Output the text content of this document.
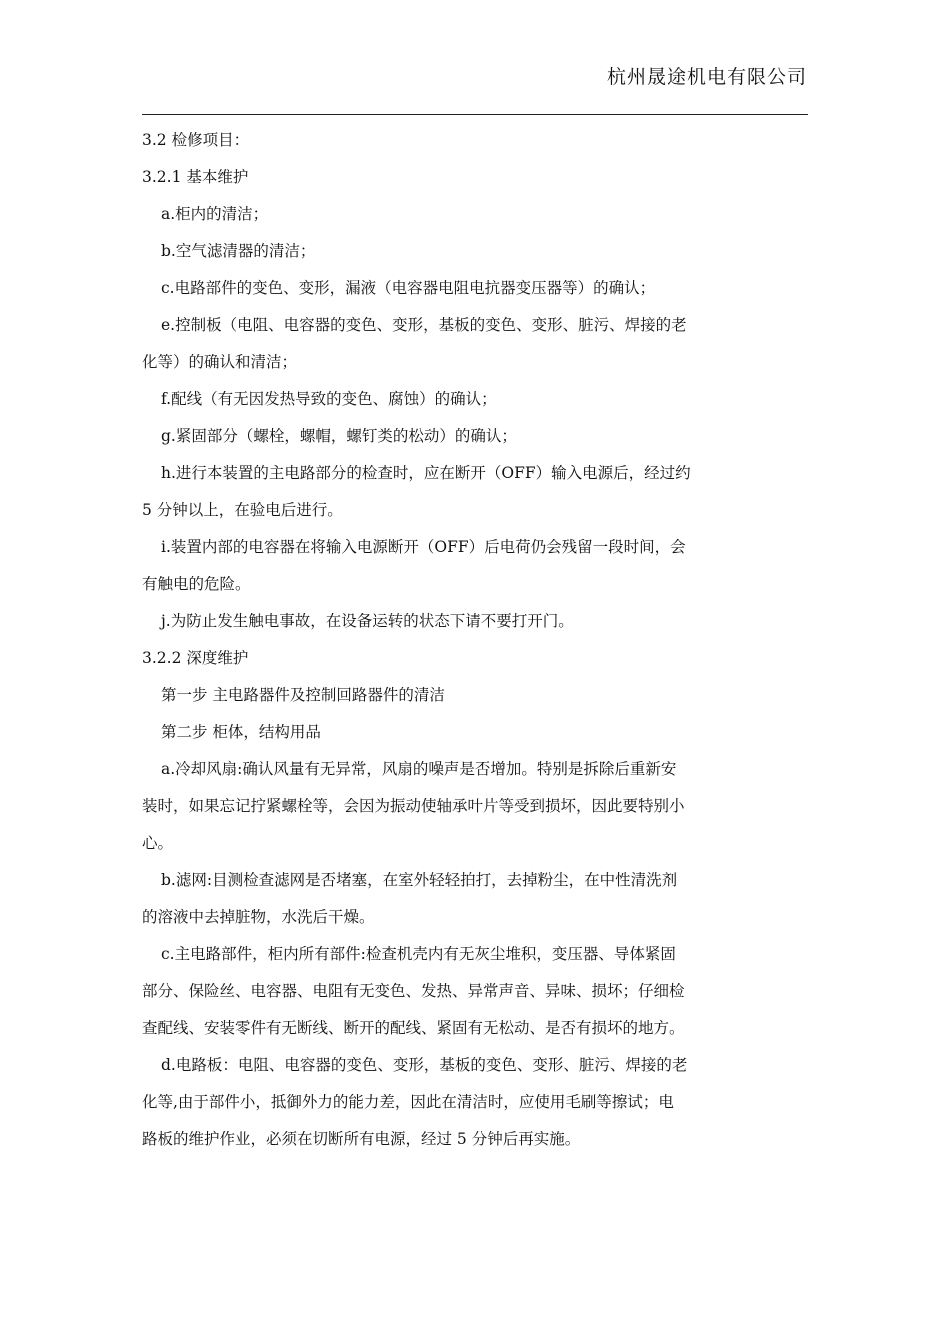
杭州晟途机电有限公司
3.2 检修项目：
3.2.1 基本维护
a.柜内的清洁；
b.空气滤清器的清洁；
c.电路部件的变色、变形，漏液（电容器电阻电抗器变压器等）的确认；
e.控制板（电阻、电容器的变色、变形，基板的变色、变形、脏污、焊接的老
化等）的确认和清洁；
f.配线（有无因发热导致的变色、腐蚀）的确认；
g.紧固部分（螺栓，螺帽，螺钉类的松动）的确认；
h.进行本装置的主电路部分的检查时，应在断开（OFF）输入电源后，经过约
5 分钟以上，在验电后进行。
i.装置内部的电容器在将输入电源断开（OFF）后电荷仍会残留一段时间，会
有触电的危险。
j.为防止发生触电事故，在设备运转的状态下请不要打开门。
3.2.2 深度维护
第一步 主电路器件及控制回路器件的清洁
第二步 柜体，结构用品
a.冷却风扇:确认风量有无异常，风扇的噪声是否增加。特别是拆除后重新安
装时，如果忘记拧紧螺栓等，会因为振动使轴承叶片等受到损坏，因此要特别小
心。
b.滤网:目测检查滤网是否堵塞，在室外轻轻拍打，去掉粉尘，在中性清洗剂
的溶液中去掉脏物，水洗后干燥。
c.主电路部件，柜内所有部件:检查机壳内有无灰尘堆积，变压器、导体紧固
部分、保险丝、电容器、电阻有无变色、发热、异常声音、异味、损坏；仔细检
查配线、安装零件有无断线、断开的配线、紧固有无松动、是否有损坏的地方。
d.电路板：电阻、电容器的变色、变形，基板的变色、变形、脏污、焊接的老
化等,由于部件小，抵御外力的能力差，因此在清洁时，应使用毛刷等擦试；电
路板的维护作业，必须在切断所有电源，经过 5 分钟后再实施。
